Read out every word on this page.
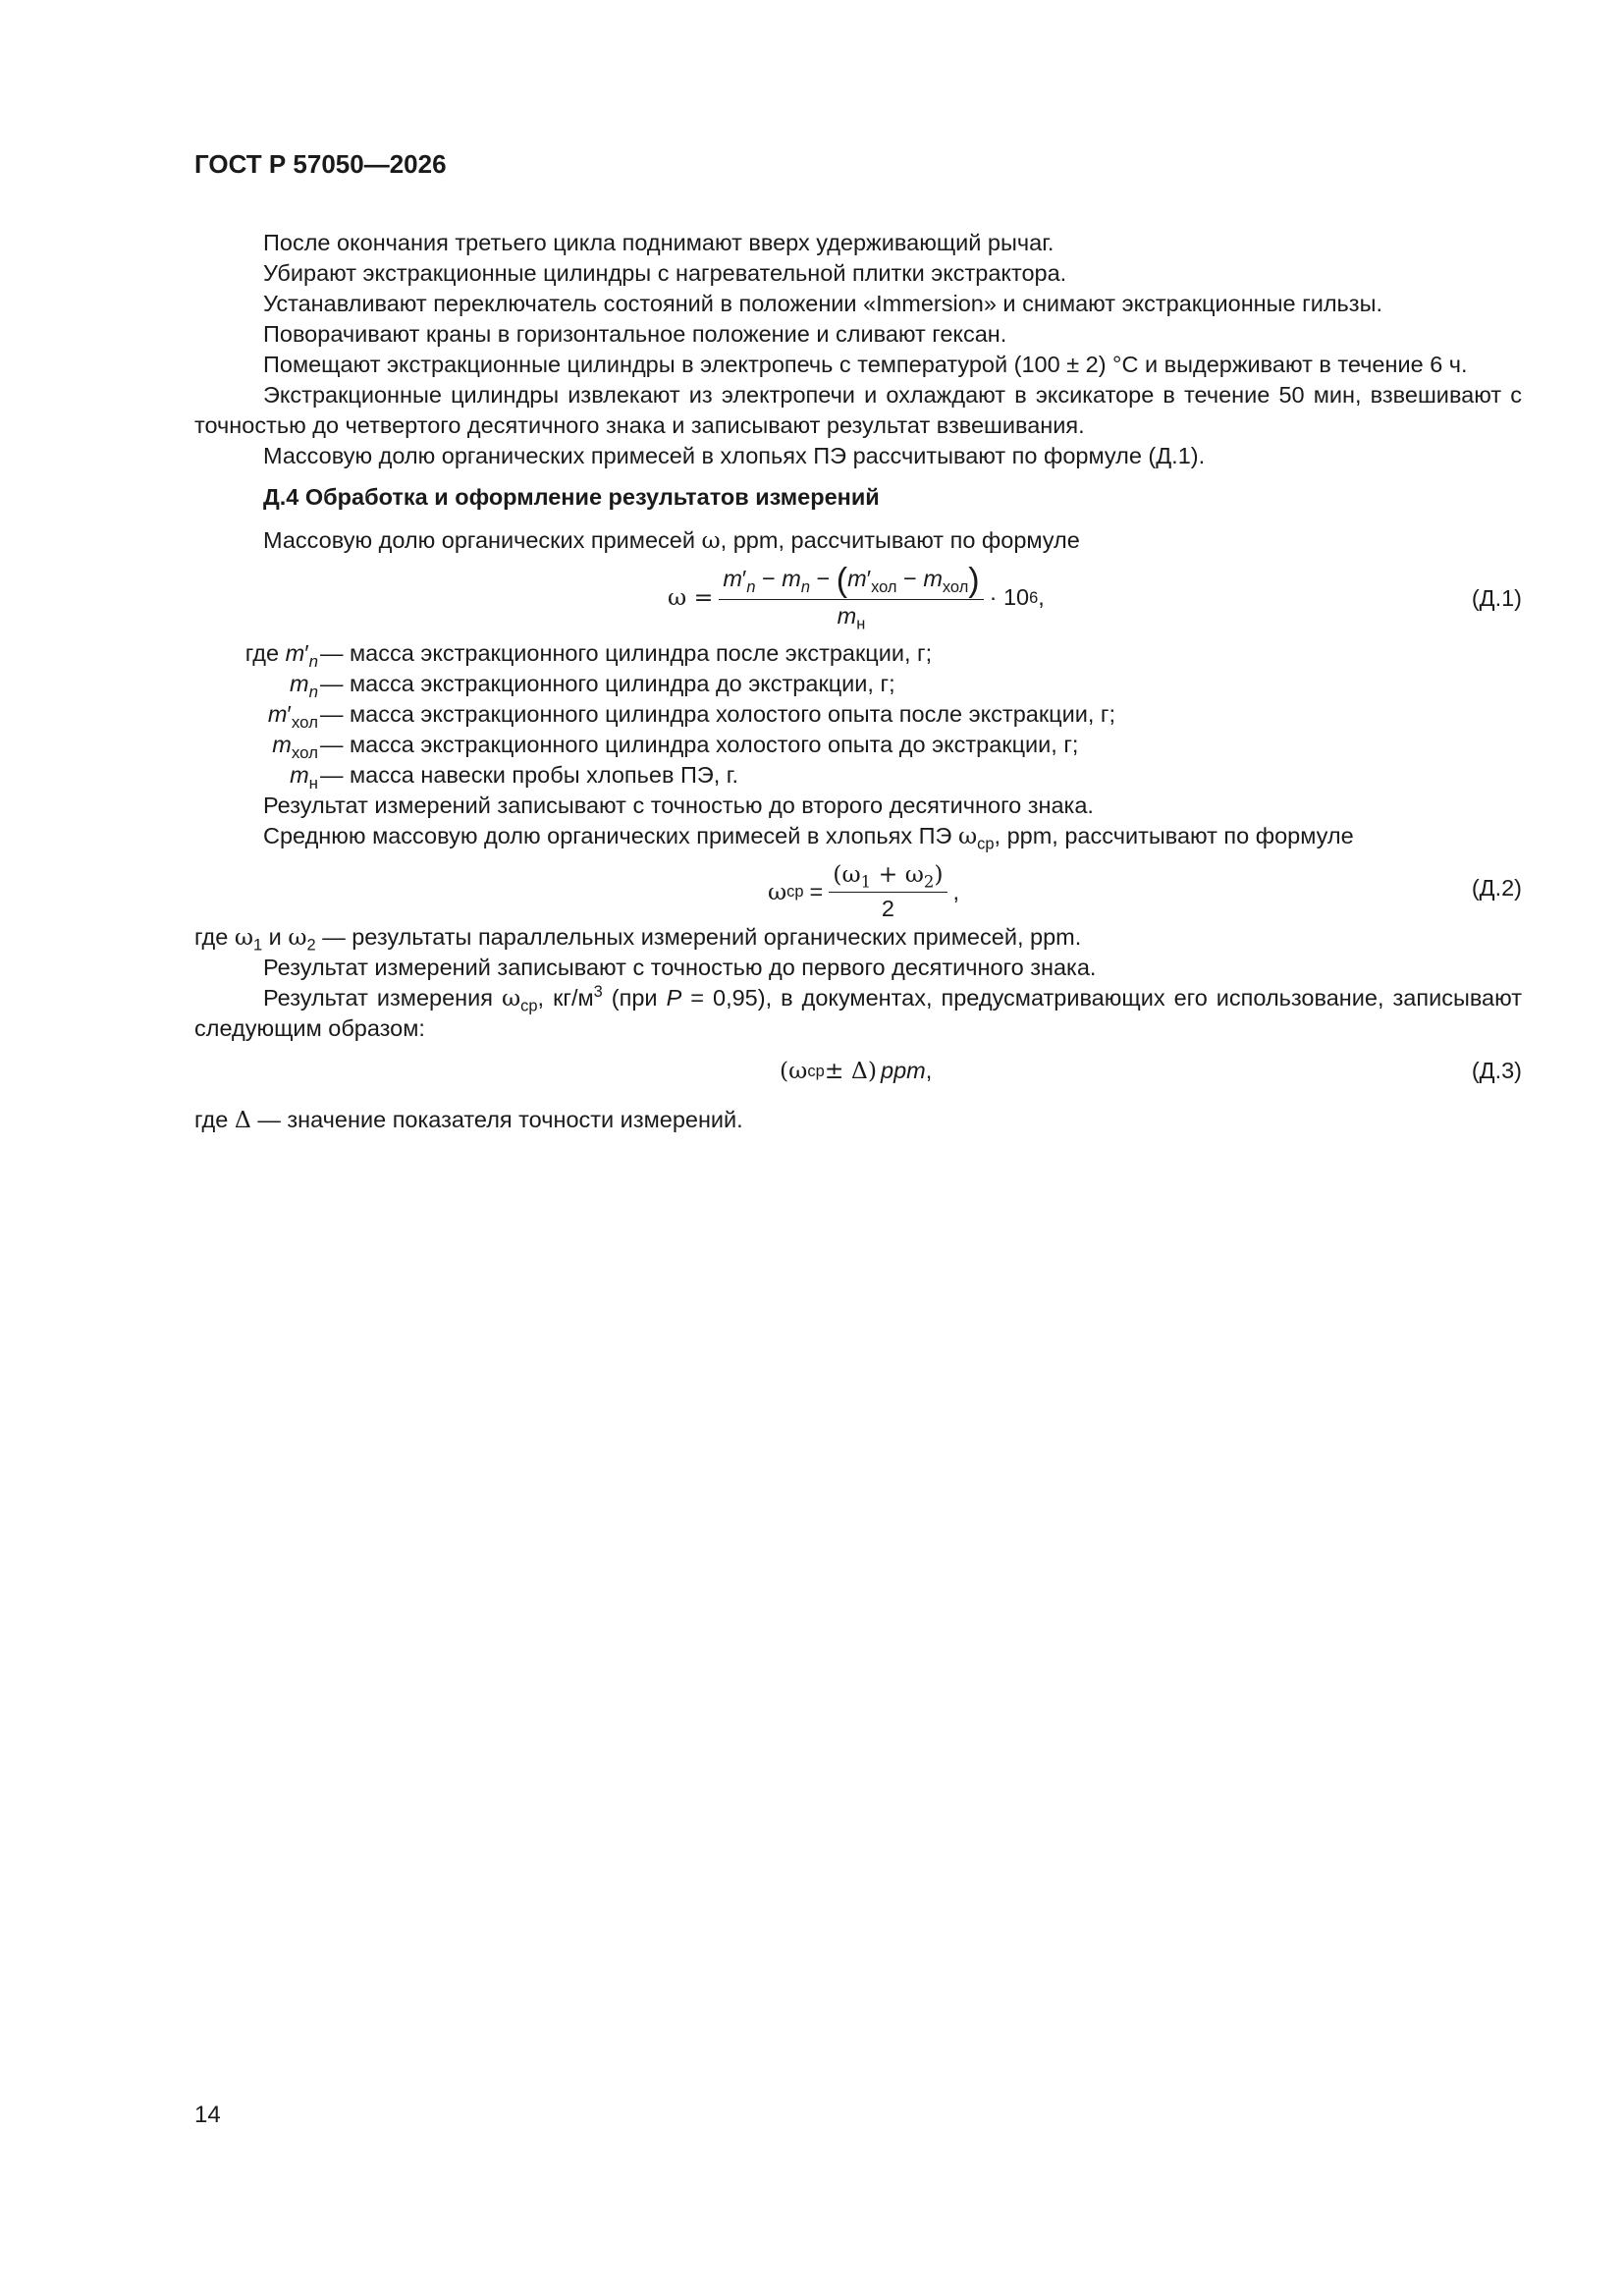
ГОСТ Р 57050—2026

После окончания третьего цикла поднимают вверх удерживающий рычаг.

Убирают экстракционные цилиндры с нагревательной плитки экстрактора.

Устанавливают переключатель состояний в положении «Immersion» и снимают экстракционные гильзы.

Поворачивают краны в горизонтальное положение и сливают гексан.

Помещают экстракционные цилиндры в электропечь с температурой (100 ± 2) °С и выдерживают в течение 6 ч.

Экстракционные цилиндры извлекают из электропечи и охлаждают в эксикаторе в течение 50 мин, взвешивают с точностью до четвертого десятичного знака и записывают результат взвешивания.

Массовую долю органических примесей в хлопьях ПЭ рассчитывают по формуле (Д.1).

Д.4 Обработка и оформление результатов измерений

Массовую долю органических примесей ω, ppm, рассчитывают по формуле

ω =
$m'_n - m_n - (m'_{хол} - m_{хол})$
$m_н$
· 10 6 ,	(Д.1)
где $m'_n$ — масса экстракционного цилиндра после экстракции, г;
$m_n$ — масса экстракционного цилиндра до экстракции, г;
$m'_{хол}$ — масса экстракционного цилиндра холостого опыта после экстракции, г;
$m_{хол}$ — масса экстракционного цилиндра холостого опыта до экстракции, г;
$m_н$ — масса навески пробы хлопьев ПЭ, г.

Результат измерений записывают с точностью до второго десятичного знака.

Среднюю массовую долю органических примесей в хлопьях ПЭ $\omega_{ср}$, ppm, рассчитывают по формуле

ω ср = $\frac{(\omega_1 + \omega_2)}{2}$ ,	(Д.2)

где $\omega_1$ и $\omega_2$ — результаты параллельных измерений органических примесей, ppm.

Результат измерений записывают с точностью до первого десятичного знака.

Результат измерения $\omega_{ср}$, $кг/м^3$ (при P = 0,95), в документах, предусматривающих его использование, записывают следующим образом:

(ω ср ± Δ) ppm ,	(Д.3)

где Δ — значение показателя точности измерений.

14
